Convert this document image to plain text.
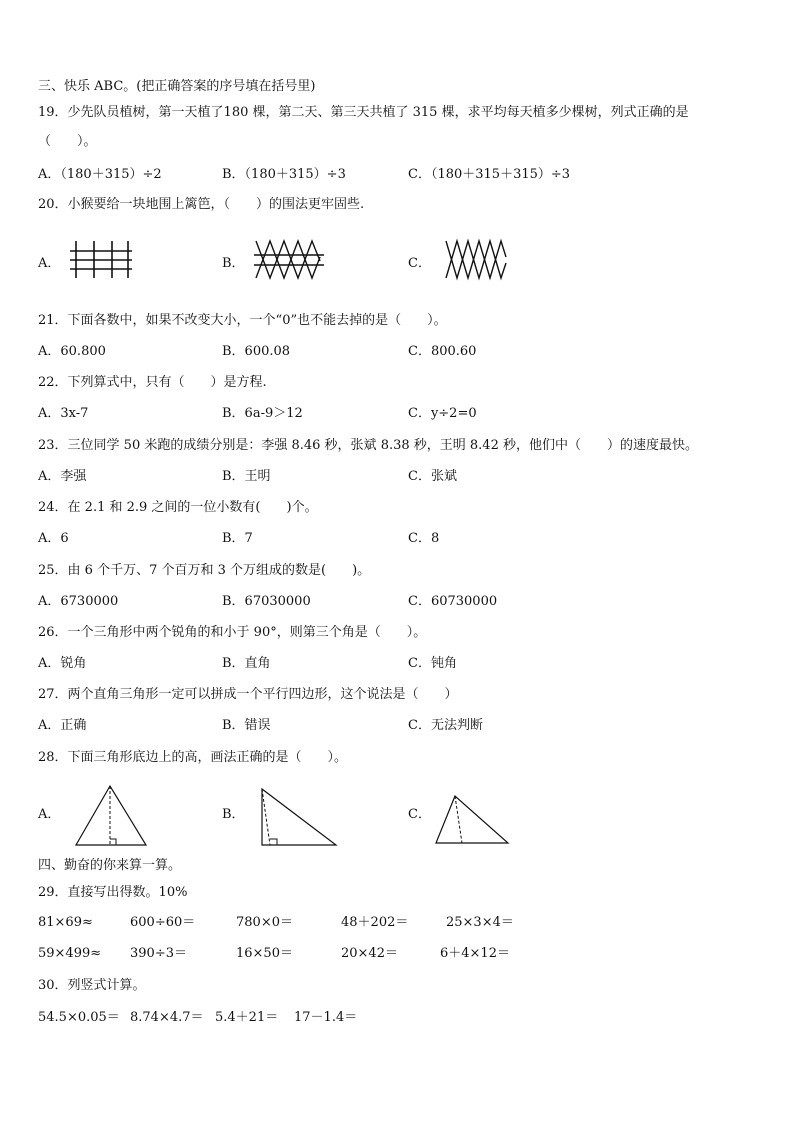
三、快乐 ABC。(把正确答案的序号填在括号里)
19．少先队员植树，第一天植了180 棵，第二天、第三天共植了 315 棵，求平均每天植多少棵树，列式正确的是
（　　）。
A．（180＋315）÷2	B．（180＋315）÷3	C．（180＋315＋315）÷3
20．小猴要给一块地围上篱笆，（　　）的围法更牢固些.
A．	B．	C．
21．下面各数中，如果不改变大小，一个“0”也不能去掉的是（　　）。
A．60.800	B．600.08	C．800.60
22．下列算式中，只有（　　）是方程.
A．3x-7	B．6a-9＞12	C．y÷2=0
23．三位同学 50 米跑的成绩分别是：李强 8.46 秒，张斌 8.38 秒，王明 8.42 秒，他们中（　　）的速度最快。
A．李强	B．王明	C．张斌
24．在 2.1 和 2.9 之间的一位小数有(　　)个。
A．6	B．7	C．8
25．由 6 个千万、7 个百万和 3 个万组成的数是(　　)。
A．6730000	B．67030000	C．60730000
26．一个三角形中两个锐角的和小于 90°，则第三个角是（　　）。
A．锐角	B．直角	C．钝角
27．两个直角三角形一定可以拼成一个平行四边形，这个说法是（　　）
A．正确	B．错误	C．无法判断
28．下面三角形底边上的高，画法正确的是（　　）。
A．	B．	C．
四、勤奋的你来算一算。
29．直接写出得数。10%
81×69≈	600÷60＝	780×0＝	48＋202＝	25×3×4＝
59×499≈ 390÷3＝	16×50＝	20×42＝	6＋4×12＝
30．列竖式计算。
54.5×0.05＝ 8.74×4.7＝ 5.4＋21＝ 17－1.4＝
